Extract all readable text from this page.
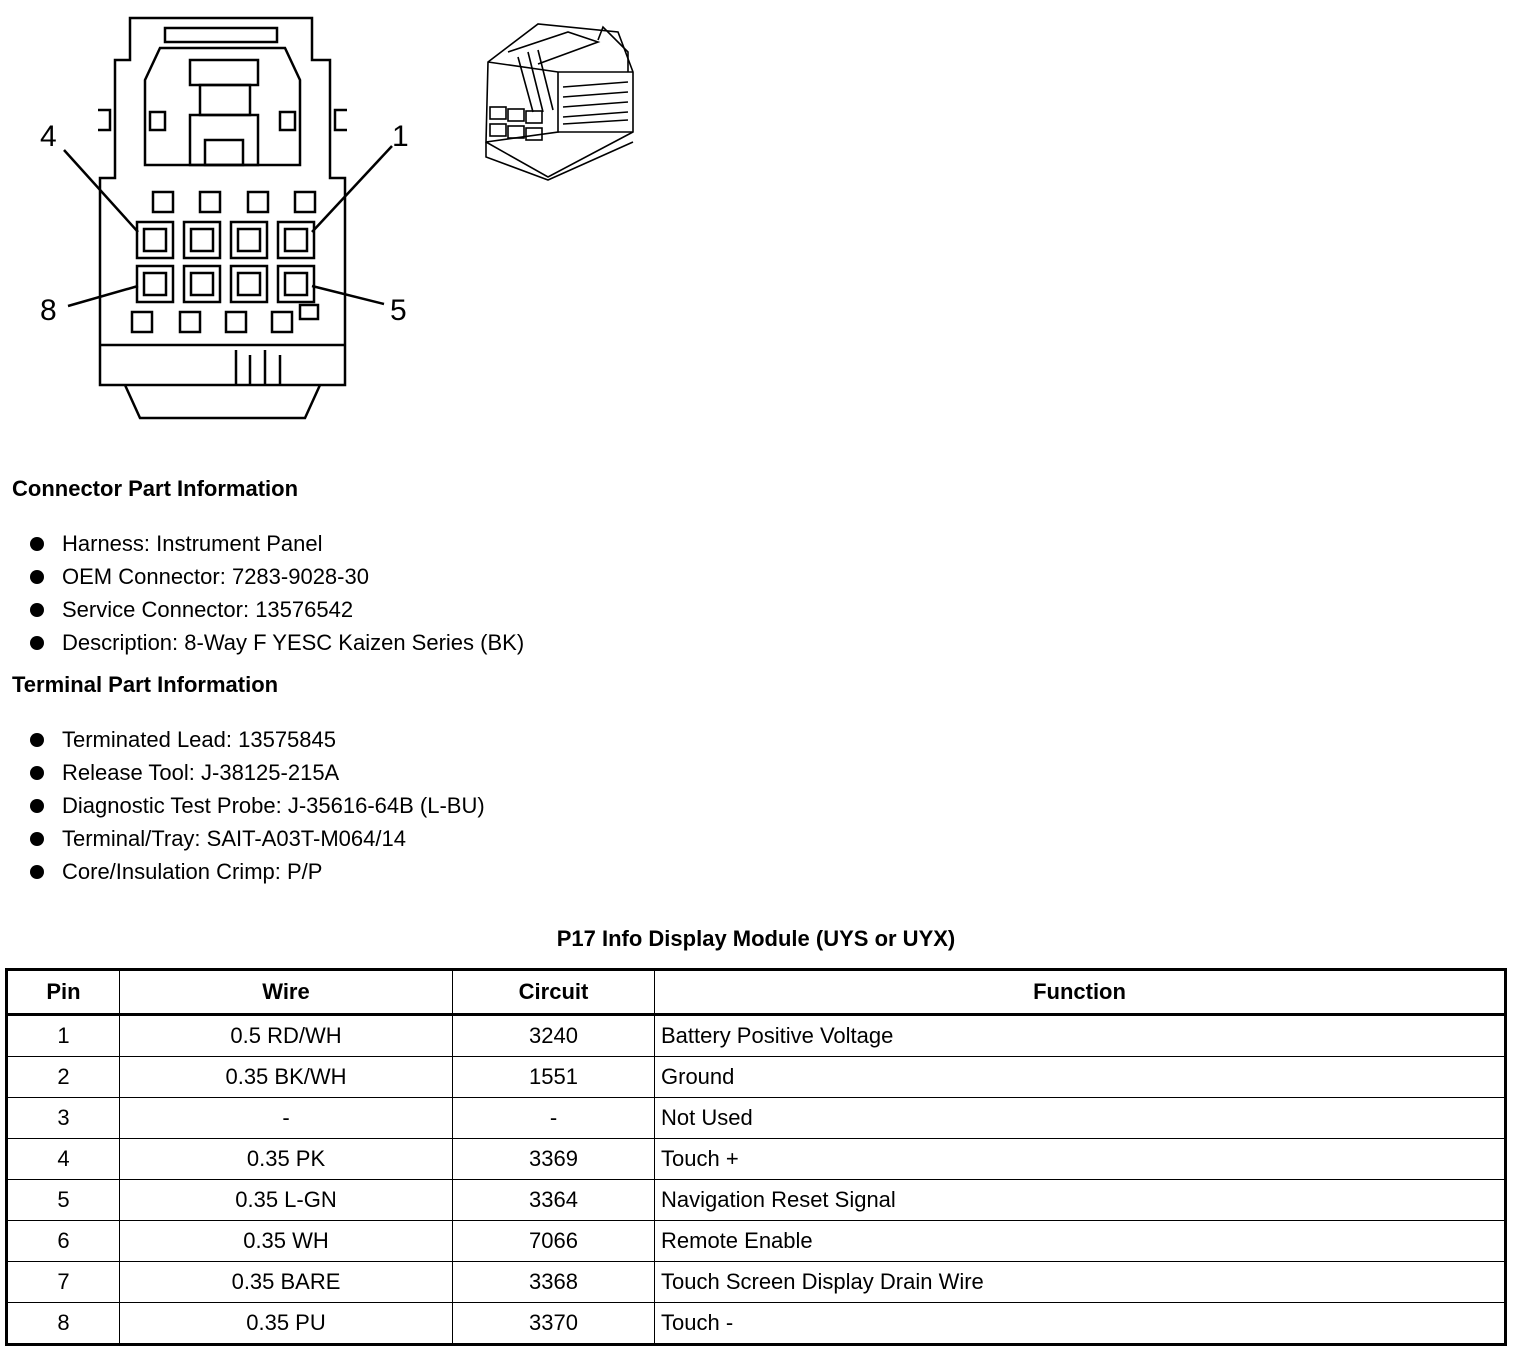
4	1
8	5
Connector Part Information
Harness: Instrument Panel
OEM Connector: 7283-9028-30
Service Connector: 13576542
Description: 8-Way F YESC Kaizen Series (BK)
Terminal Part Information
Terminated Lead: 13575845
Release Tool: J-38125-215A
Diagnostic Test Probe: J-35616-64B (L-BU)
Terminal/Tray: SAIT-A03T-M064/14
Core/Insulation Crimp: P/P
P17 Info Display Module (UYS or UYX)
Pin	Wire	Circuit	Function
1	0.5 RD/WH	3240	Battery Positive Voltage
2	0.35 BK/WH	1551	Ground
3	-	-	Not Used
4	0.35 PK	3369	Touch +
5	0.35 L-GN	3364	Navigation Reset Signal
6	0.35 WH	7066	Remote Enable
7	0.35 BARE	3368	Touch Screen Display Drain Wire
8	0.35 PU	3370	Touch -
